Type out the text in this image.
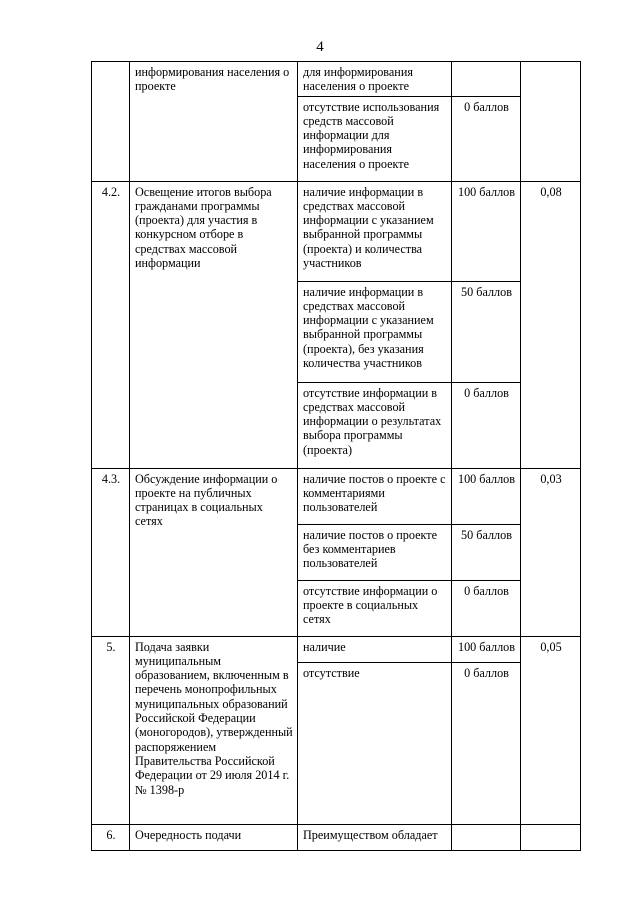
4
	информирования населения о проекте	для информирования населения о проекте		
		отсутствие использования средств массовой информации для информирования населения о проекте	0 баллов	
4.2.	Освещение итогов выбора гражданами программы (проекта) для участия в конкурсном отборе в средствах массовой информации	наличие информации в средствах массовой информации с указанием выбранной программы (проекта) и количества участников	100 баллов	0,08
		наличие информации в средствах массовой информации с указанием выбранной программы (проекта), без указания количества участников	50 баллов	
		отсутствие информации в средствах массовой информации о результатах выбора программы (проекта)	0 баллов	
4.3.	Обсуждение информации о проекте на публичных страницах в социальных сетях	наличие постов о проекте с комментариями пользователей	100 баллов	0,03
		наличие постов о проекте без комментариев пользователей	50 баллов	
		отсутствие информации о проекте в социальных сетях	0 баллов	
5.	Подача заявки муниципальным образованием, включенным в перечень монопрофильных муниципальных образований Российской Федерации (моногородов), утвержденный распоряжением Правительства Российской Федерации от 29 июля 2014 г. № 1398-р	наличие	100 баллов	0,05
		отсутствие	0 баллов	
6.	Очередность подачи	Преимуществом обладает		
